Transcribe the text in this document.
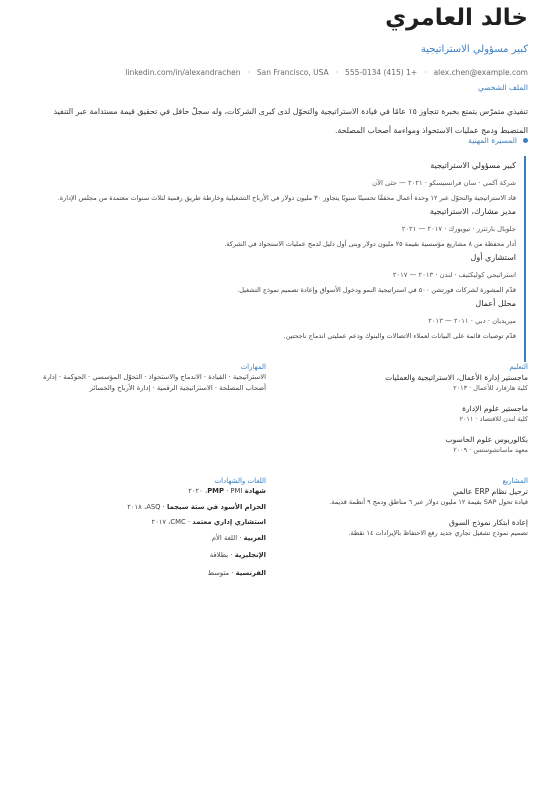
خالد العامري
كبير مسؤولي الاستراتيجية
alex.chen@example.com
·
+1 (415) 555-0134
·
San Francisco, USA
·
linkedin.com/in/alexandrachen
الملف الشخصي
تنفيذي متمرّس يتمتع بخبرة تتجاوز ١٥ عامًا في قيادة الاستراتيجية والتحوّل لدى كبرى الشركات، وله سجلّ حافل في تحقيق قيمة مستدامة عبر التنفيذ المنضبط ودمج عمليات الاستحواذ ومواءمة أصحاب المصلحة.
المسيرة المهنية
كبير مسؤولي الاستراتيجية
شركة آكمي · سان فرانسيسكو · ٢٠٢١ — حتى الآن
قاد الاستراتيجية والتحوّل عبر ١٢ وحدة أعمال محققًا تحسينًا سنويًا يتجاوز ٣٠ مليون دولار في الأرباح التشغيلية وخارطة طريق رقمية لثلاث سنوات معتمدة من مجلس الإدارة.
مدير مشارك، الاستراتيجية
جلوبال بارتنرز · نيويورك · ٢٠١٧ — ٢٠٢١
أدار محفظة من ٨ مشاريع مؤسسية بقيمة ٢٥ مليون دولار وبنى أول دليل لدمج عمليات الاستحواذ في الشركة.
استشاري أول
استراتيجي كوليكتيف · لندن · ٢٠١٣ — ٢٠١٧
قدّم المشورة لشركات فورتشن ٥٠٠ في استراتيجية النمو ودخول الأسواق وإعادة تصميم نموذج التشغيل.
محلل أعمال
ميريديان · دبي · ٢٠١١ — ٢٠١٣
قدّم توصيات قائمة على البيانات لعملاء الاتصالات والبنوك ودعم عمليتي اندماج ناجحتين.
التعليم
ماجستير إدارة الأعمال، الاستراتيجية والعمليات
كلية هارفارد للأعمال · ٢٠١٣
ماجستير علوم الإدارة
كلية لندن للاقتصاد · ٢٠١١
بكالوريوس علوم الحاسوب
معهد ماساتشوستس · ٢٠٠٩
المشاريع
ترحيل نظام ERP عالمي
قيادة تحول SAP بقيمة ١٢ مليون دولار عبر ٦ مناطق ودمج ٩ أنظمة قديمة.
إعادة ابتكار نموذج السوق
تصميم نموذج تشغيل تجاري جديد رفع الاحتفاظ بالإيرادات ١٤ نقطة.
المهارات
الاستراتيجية · القيادة · الاندماج والاستحواذ · التحوّل المؤسسي · الحوكمة · إدارة أصحاب المصلحة · الاستراتيجية الرقمية · إدارة الأرباح والخسائر
اللغات والشهادات
شهادة PMP · PMI، ٢٠٢٠
الحزام الأسود في ستة سيجما · ASQ، ٢٠١٨
استشاري إداري معتمد · CMC، ٢٠١٧
العربية · اللغة الأم
الإنجليزية · بطلاقة
الفرنسية · متوسط
